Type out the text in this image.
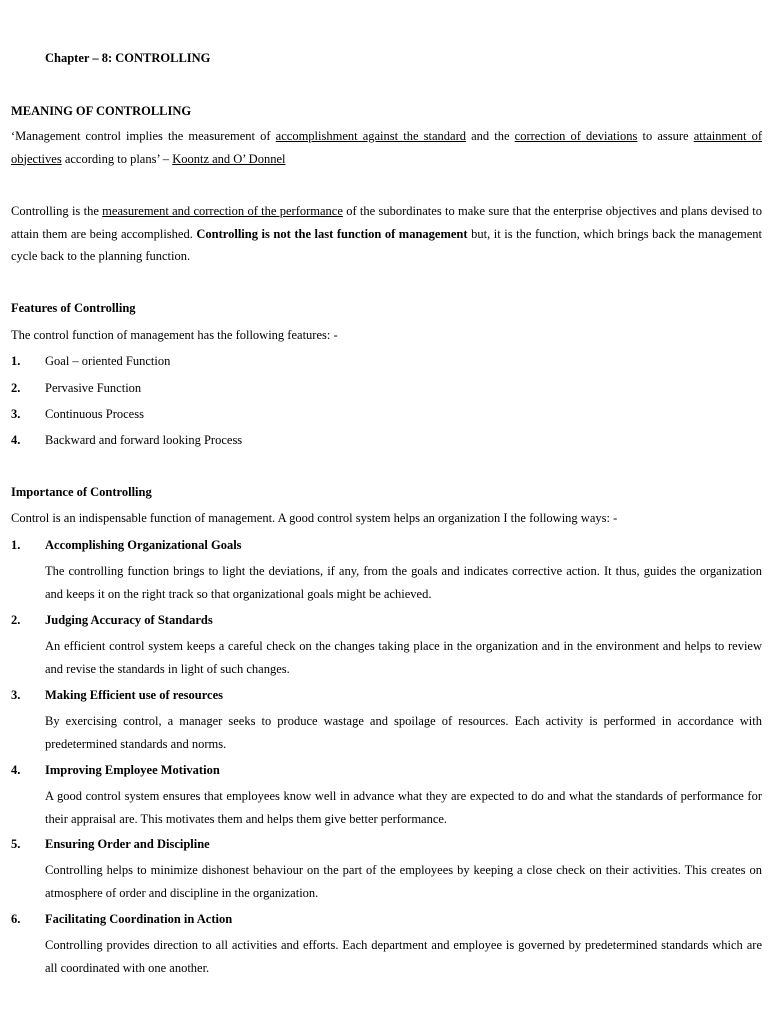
Chapter – 8: CONTROLLING
MEANING OF CONTROLLING
‘Management control implies the measurement of accomplishment against the standard and the correction of deviations to assure attainment of
objectives according to plans’ – Koontz and O’ Donnel
Controlling is the measurement and correction of the performance of the subordinates to make sure that the enterprise objectives and plans devised to
attain them are being accomplished. Controlling is not the last function of management but, it is the function, which brings back the management
cycle back to the planning function.
Features of Controlling
The control function of management has the following features: -
1. Goal – oriented Function
2. Pervasive Function
3. Continuous Process
4. Backward and forward looking Process
Importance of Controlling
Control is an indispensable function of management. A good control system helps an organization I the following ways: -
1. Accomplishing Organizational Goals
The controlling function brings to light the deviations, if any, from the goals and indicates corrective action. It thus, guides the organization
and keeps it on the right track so that organizational goals might be achieved.
2. Judging Accuracy of Standards
An efficient control system keeps a careful check on the changes taking place in the organization and in the environment and helps to review
and revise the standards in light of such changes.
3. Making Efficient use of resources
By exercising control, a manager seeks to produce wastage and spoilage of resources. Each activity is performed in accordance with
predetermined standards and norms.
4. Improving Employee Motivation
A good control system ensures that employees know well in advance what they are expected to do and what the standards of performance for
their appraisal are. This motivates them and helps them give better performance.
5. Ensuring Order and Discipline
Controlling helps to minimize dishonest behaviour on the part of the employees by keeping a close check on their activities. This creates on
atmosphere of order and discipline in the organization.
6. Facilitating Coordination in Action
Controlling provides direction to all activities and efforts. Each department and employee is governed by predetermined standards which are
all coordinated with one another.
